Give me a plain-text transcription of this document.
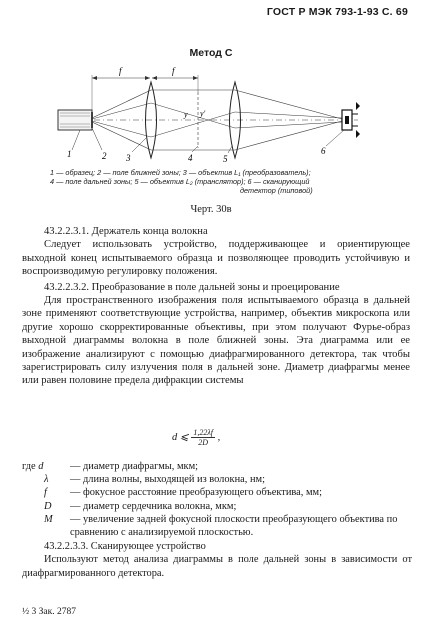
ГОСТ Р МЭК 793-1-93 С. 69
Метод С
1	2 3	4	5
6
f	f
y y'
1 — образец; 2 — поле ближней зоны; 3 — объектив L₁ (преобразователь);
4 — поле дальней зоны; 5 — объектив L₂ (транслятор); 6 — сканирующий
детектор (типовой)
Черт. 30в

43.2.2.3.1. Держатель конца волокна

Следует использовать устройство, поддерживающее и ориентирующее выходной конец испытываемого образца и позволяющее проводить устойчивую и воспроизводимую регулировку положения.

43.2.2.3.2. Преобразование в поле дальней зоны и проецирование

Для пространственного изображения поля испытываемого образца в дальней зоне применяют соответствующие устройства, например, объектив микроскопа или другие хорошо скорректированные объективы, при этом получают Фурье-образ выходной диаграммы волокна в поле ближней зоны. Эта диаграмма или ее изображение анализируют с помощью диафрагмированного детектора, так чтобы зарегистрировать силу излучения поля в дальней зоне. Диаметр диафрагмы менее или равен половине предела дифракции системы

d ⩽ $\frac{1,22\lambda f}{2D}$ ,
где d	— диаметр диафрагмы, мкм;
λ	— длина волны, выходящей из волокна, нм;
f	— фокусное расстояние преобразующего объектива, мм;
D	— диаметр сердечника волокна, мкм;
M	— увеличение задней фокусной плоскости преобразующего объектива по сравнению с анализируемой плоскостью.

43.2.2.3.3. Сканирующее устройство

Используют метод анализа диаграммы в поле дальней зоны в зависимости от диафрагмированного детектора.

½ 3 Зак. 2787
